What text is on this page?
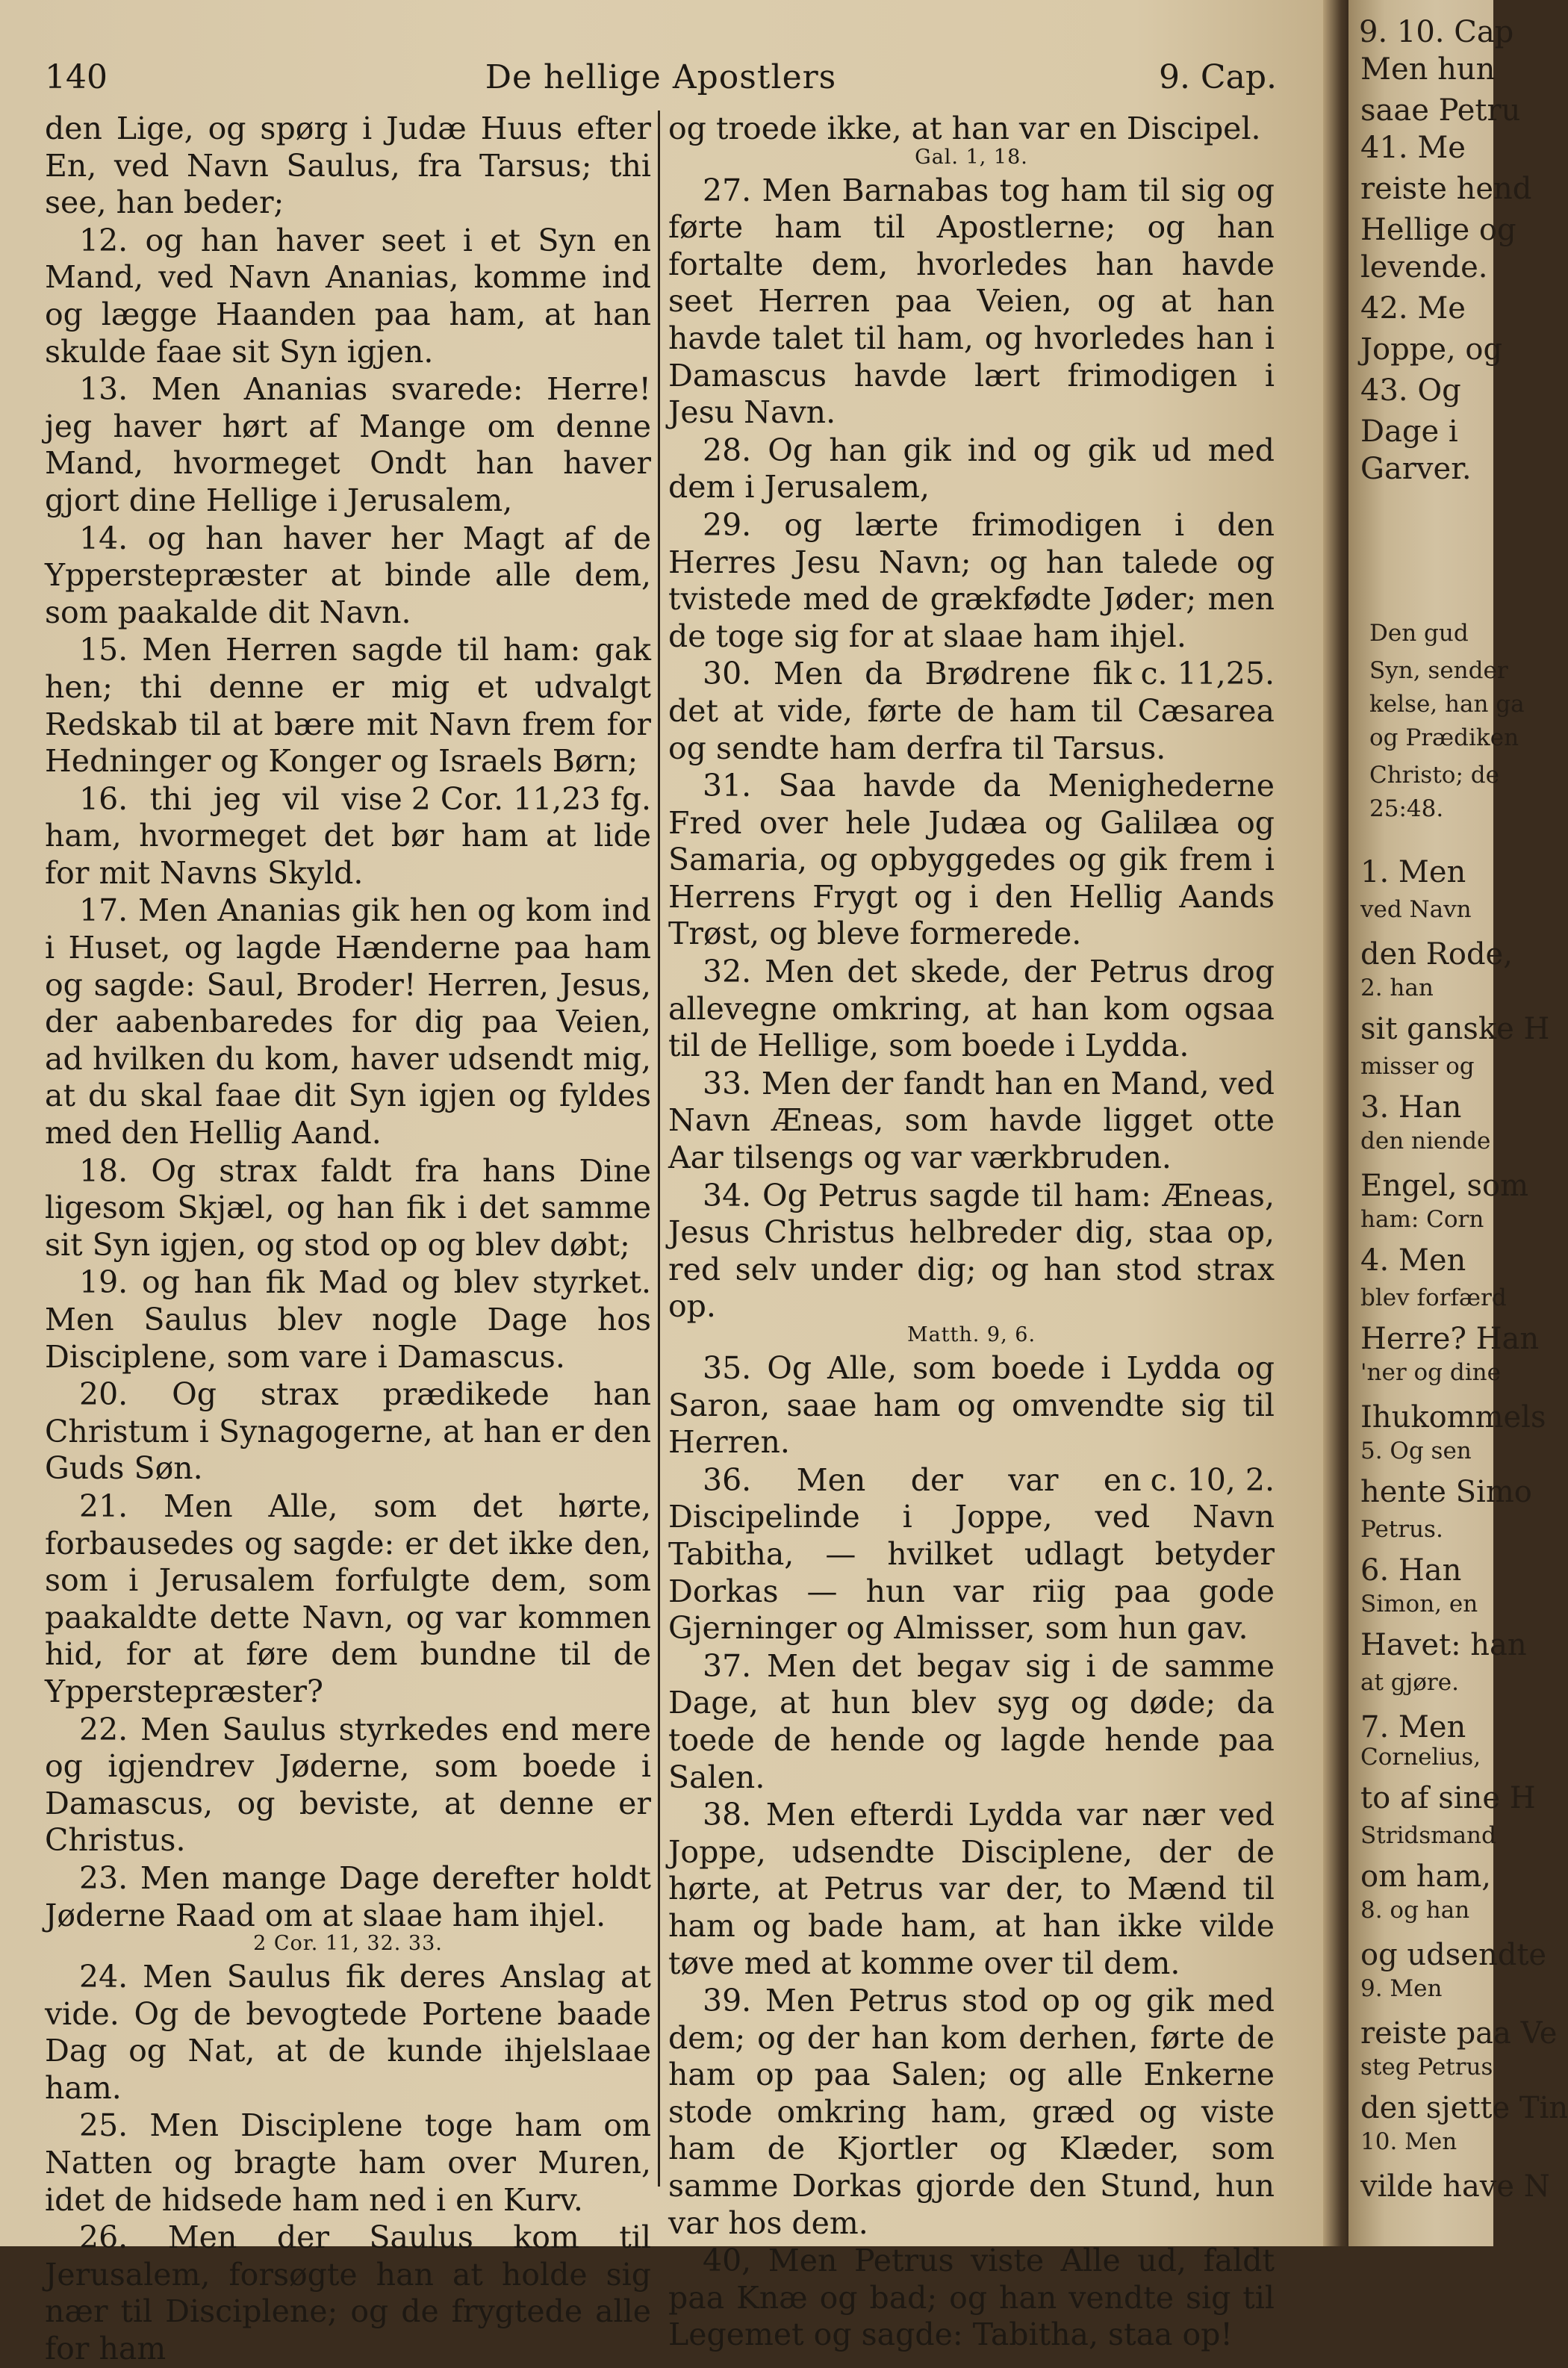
140	De hellige Apostlers	9. Cap.

den Lige, og spørg i Judæ Huus efter En, ved Navn Saulus, fra Tarsus; thi see, han beder;

12. og han haver seet i et Syn en Mand, ved Navn Ananias, komme ind og lægge Haanden paa ham, at han skulde faae sit Syn igjen.

13. Men Ananias svarede: Herre! jeg haver hørt af Mange om denne Mand, hvormeget Ondt han haver gjort dine Hellige i Jerusalem,

14. og han haver her Magt af de Ypperstepræster at binde alle dem, som paakalde dit Navn.

15. Men Herren sagde til ham: gak hen; thi denne er mig et udvalgt Redskab til at bære mit Navn frem for Hedninger og Konger og Israels Børn;

2 Cor. 11,23 fg.
16. thi jeg vil vise ham, hvormeget det bør ham at lide for mit Navns Skyld.

17. Men Ananias gik hen og kom ind i Huset, og lagde Hænderne paa ham og sagde: Saul, Broder! Herren, Jesus, der aabenbaredes for dig paa Veien, ad hvilken du kom, haver udsendt mig, at du skal faae dit Syn igjen og fyldes med den Hellig Aand.

18. Og strax faldt fra hans Dine ligesom Skjæl, og han fik i det samme sit Syn igjen, og stod op og blev døbt;

19. og han fik Mad og blev styrket. Men Saulus blev nogle Dage hos Disciplene, som vare i Damascus.

20. Og strax prædikede han Christum i Synagogerne, at han er den Guds Søn.

21. Men Alle, som det hørte, forbausedes og sagde: er det ikke den, som i Jerusalem forfulgte dem, som paakaldte dette Navn, og var kommen hid, for at føre dem bundne til de Ypperstepræster?

22. Men Saulus styrkedes end mere og igjendrev Jøderne, som boede i Damascus, og beviste, at denne er Christus.

23. Men mange Dage derefter holdt Jøderne Raad om at slaae ham ihjel.

2 Cor. 11, 32. 33.

24. Men Saulus fik deres Anslag at vide. Og de bevogtede Portene baade Dag og Nat, at de kunde ihjelslaae ham.

25. Men Disciplene toge ham om Natten og bragte ham over Muren, idet de hidsede ham ned i en Kurv.

26. Men der Saulus kom til Jerusalem, forsøgte han at holde sig nær til Disciplene; og de frygtede alle for ham

og troede ikke, at han var en Discipel.

Gal. 1, 18.

27. Men Barnabas tog ham til sig og førte ham til Apostlerne; og han fortalte dem, hvorledes han havde seet Herren paa Veien, og at han havde talet til ham, og hvorledes han i Damascus havde lært frimodigen i Jesu Navn.

28. Og han gik ind og gik ud med dem i Jerusalem,

29. og lærte frimodigen i den Herres Jesu Navn; og han talede og tvistede med de grækfødte Jøder; men de toge sig for at slaae ham ihjel.

c. 11,25.
30. Men da Brødrene fik det at vide, førte de ham til Cæsarea og sendte ham derfra til Tarsus.

31. Saa havde da Menighederne Fred over hele Judæa og Galilæa og Samaria, og opbyggedes og gik frem i Herrens Frygt og i den Hellig Aands Trøst, og bleve formerede.

32. Men det skede, der Petrus drog allevegne omkring, at han kom ogsaa til de Hellige, som boede i Lydda.

33. Men der fandt han en Mand, ved Navn Æneas, som havde ligget otte Aar tilsengs og var værkbruden.

34. Og Petrus sagde til ham: Æneas, Jesus Christus helbreder dig, staa op, red selv under dig; og han stod strax op.

Matth. 9, 6.

35. Og Alle, som boede i Lydda og Saron, saae ham og omvendte sig til Herren.

c. 10, 2.
36. Men der var en Discipelinde i Joppe, ved Navn Tabitha, — hvilket udlagt betyder Dorkas — hun var riig paa gode Gjerninger og Almisser, som hun gav.

37. Men det begav sig i de samme Dage, at hun blev syg og døde; da toede de hende og lagde hende paa Salen.

38. Men efterdi Lydda var nær ved Joppe, udsendte Disciplene, der de hørte, at Petrus var der, to Mænd til ham og bade ham, at han ikke vilde tøve med at komme over til dem.

39. Men Petrus stod op og gik med dem; og der han kom derhen, førte de ham op paa Salen; og alle Enkerne stode omkring ham, græd og viste ham de Kjortler og Klæder, som samme Dorkas gjorde den Stund, hun var hos dem.

40, Men Petrus viste Alle ud, faldt paa Knæ og bad; og han vendte sig til Legemet og sagde: Tabitha, staa op!

9. 10. Cap
Men hun
saae Petru
41. Me
reiste hend
Hellige og
levende.
42. Me
Joppe, og
43. Og
Dage i
Garver.
Den gud
Syn, sender
kelse, han ga
og Prædiken
Christo; de
25:48.
1. Men
ved Navn
den Rode,
2. han
sit ganske H
misser og
3. Han
den niende
Engel, som
ham: Corn
4. Men
blev forfærd
Herre? Han
'ner og dine
Ihukommels
5. Og sen
hente Simo
Petrus.
6. Han
Simon, en
Havet: han
at gjøre.
7. Men
Cornelius,
to af sine H
Stridsmand
om ham,
8. og han
og udsendte
9. Men
reiste paa Ve
steg Petrus
den sjette Tin
10. Men
vilde have N
